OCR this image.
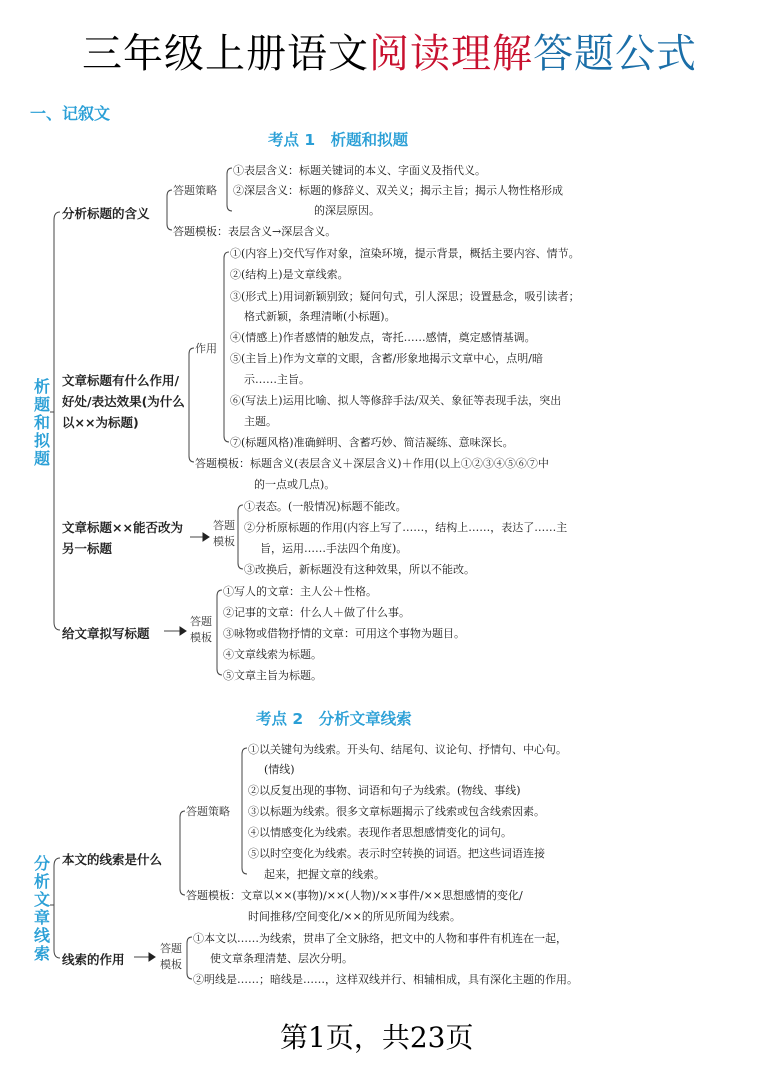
三年级上册语文阅读理解答题公式
一、记叙文
考点 1　析题和拟题
析题和拟题
分析标题的含义
答题策略
①表层含义：标题关键词的本义、字面义及指代义。
②深层含义：标题的修辞义、双关义；揭示主旨；揭示人物性格形成
的深层原因。
答题模板：表层含义→深层含义。
文章标题有什么作用/好处/表达效果(为什么以××为标题)
作用
①(内容上)交代写作对象，渲染环境，提示背景，概括主要内容、情节。
②(结构上)是文章线索。
③(形式上)用词新颖别致；疑问句式，引人深思；设置悬念，吸引读者；
格式新颖，条理清晰(小标题)。
④(情感上)作者感情的触发点，寄托……感情，奠定感情基调。
⑤(主旨上)作为文章的文眼，含蓄/形象地揭示文章中心，点明/暗
示……主旨。
⑥(写法上)运用比喻、拟人等修辞手法/双关、象征等表现手法，突出
主题。
⑦(标题风格)准确鲜明、含蓄巧妙、简洁凝练、意味深长。
答题模板：标题含义(表层含义＋深层含义)＋作用(以上①②③④⑤⑥⑦中
的一点或几点)。
文章标题××能否改为另一标题
答题模板
①表态。(一般情况)标题不能改。
②分析原标题的作用(内容上写了……，结构上……，表达了……主
旨，运用……手法四个角度)。
③改换后，新标题没有这种效果，所以不能改。
给文章拟写标题
答题模板
①写人的文章：主人公＋性格。
②记事的文章：什么人＋做了什么事。
③咏物或借物抒情的文章：可用这个事物为题目。
④文章线索为标题。
⑤文章主旨为标题。
考点 2　分析文章线索
分析文章线索
本文的线索是什么
答题策略
①以关键句为线索。开头句、结尾句、议论句、抒情句、中心句。
(情线)
②以反复出现的事物、词语和句子为线索。(物线、事线)
③以标题为线索。很多文章标题揭示了线索或包含线索因素。
④以情感变化为线索。表现作者思想感情变化的词句。
⑤以时空变化为线索。表示时空转换的词语。把这些词语连接
起来，把握文章的线索。
答题模板：文章以××(事物)/××(人物)/××事件/××思想感情的变化/
时间推移/空间变化/××的所见所闻为线索。
线索的作用
答题模板
①本文以……为线索，贯串了全文脉络，把文中的人物和事件有机连在一起，
使文章条理清楚、层次分明。
②明线是……；暗线是……，这样双线并行、相辅相成，具有深化主题的作用。
第1页，共23页
